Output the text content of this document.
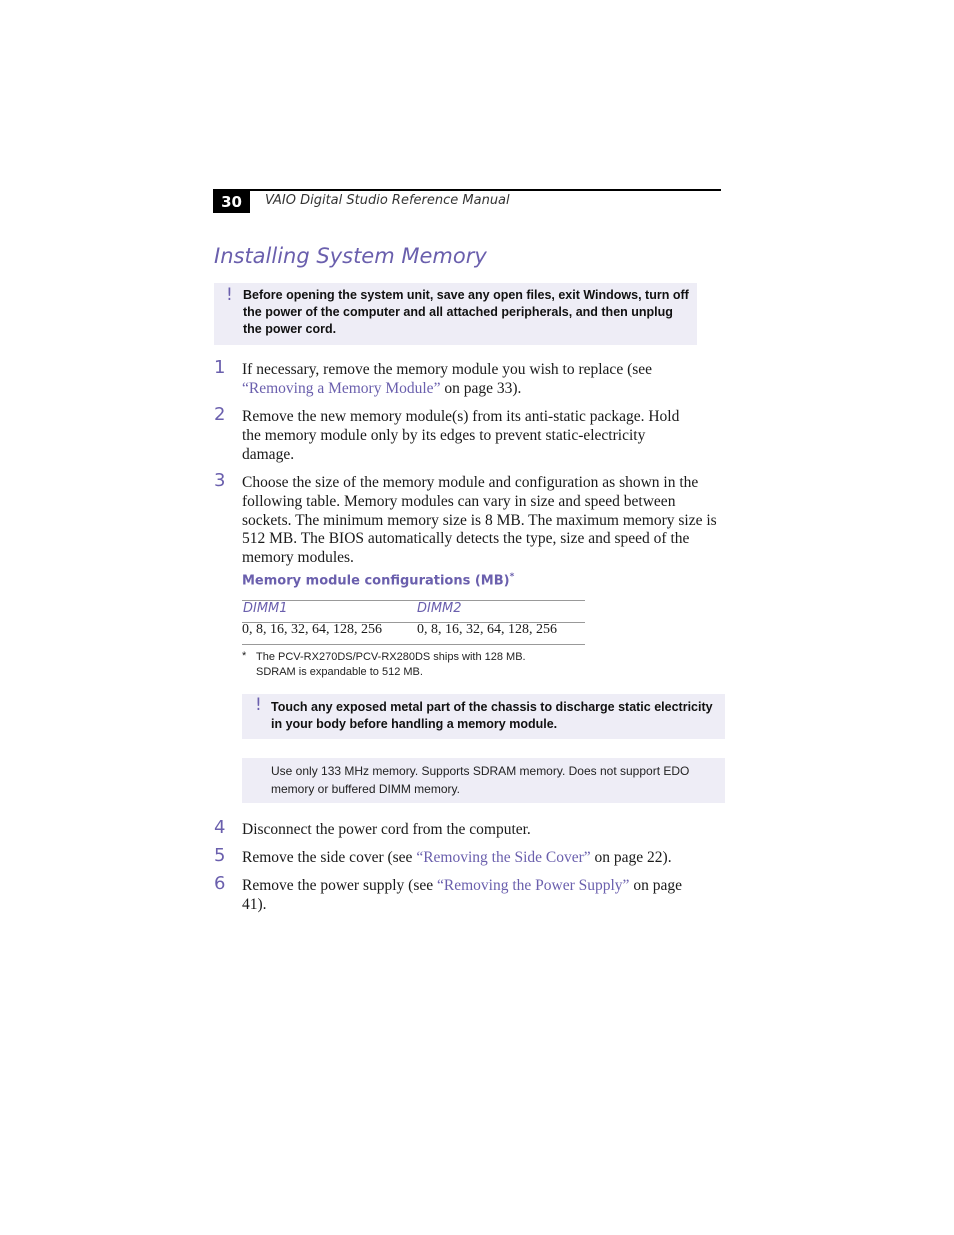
30	VAIO Digital Studio Reference Manual
Installing System Memory
! Before opening the system unit, save any open files, exit Windows, turn off the power of the computer and all attached peripherals, and then unplug the power cord.
1 If necessary, remove the memory module you wish to replace (see “Removing a Memory Module” on page 33).
2 Remove the new memory module(s) from its anti-static package. Hold the memory module only by its edges to prevent static-electricity damage.
3 Choose the size of the memory module and configuration as shown in the following table. Memory modules can vary in size and speed between sockets. The minimum memory size is 8 MB. The maximum memory size is 512 MB. The BIOS automatically detects the type, size and speed of the memory modules.
Memory module configurations (MB)*
DIMM1	DIMM2
0, 8, 16, 32, 64, 128, 256	0, 8, 16, 32, 64, 128, 256
* The PCV-RX270DS/PCV-RX280DS ships with 128 MB. SDRAM is expandable to 512 MB.
! Touch any exposed metal part of the chassis to discharge static electricity in your body before handling a memory module.
Use only 133 MHz memory. Supports SDRAM memory. Does not support EDO memory or buffered DIMM memory.
4 Disconnect the power cord from the computer.
5 Remove the side cover (see “Removing the Side Cover” on page 22).
6 Remove the power supply (see “Removing the Power Supply” on page 41).
